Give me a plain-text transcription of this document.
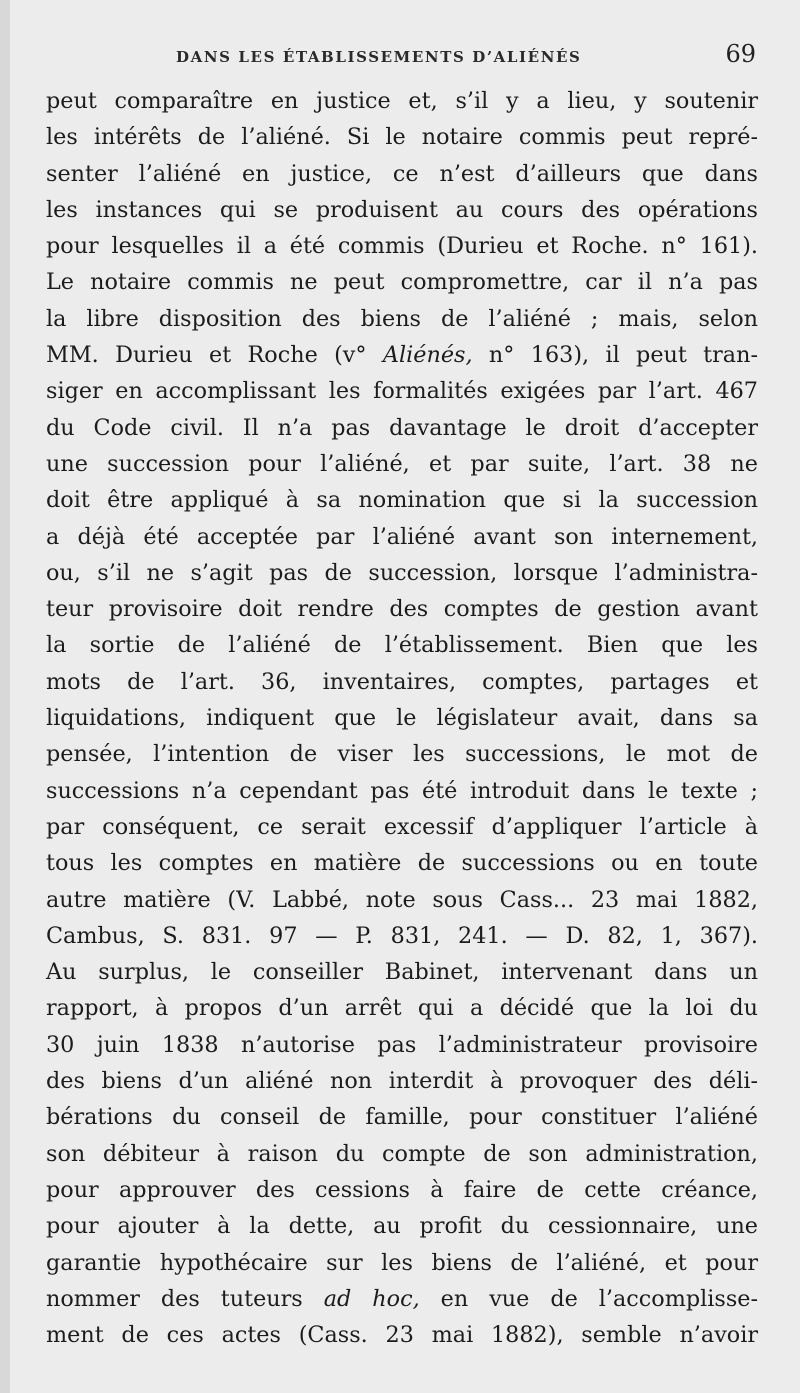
DANS LES ÉTABLISSEMENTS D’ALIÉNÉS	69
peut comparaître en justice et, s’il y a lieu, y soutenir
les intérêts de l’aliéné. Si le notaire commis peut repré-
senter l’aliéné en justice, ce n’est d’ailleurs que dans
les instances qui se produisent au cours des opérations
pour lesquelles il a été commis (Durieu et Roche. n° 161).
Le notaire commis ne peut compromettre, car il n’a pas
la libre disposition des biens de l’aliéné ; mais, selon
MM. Durieu et Roche (v° Aliénés, n° 163), il peut tran-
siger en accomplissant les formalités exigées par l’art. 467
du Code civil. Il n’a pas davantage le droit d’accepter
une succession pour l’aliéné, et par suite, l’art. 38 ne
doit être appliqué à sa nomination que si la succession
a déjà été acceptée par l’aliéné avant son internement,
ou, s’il ne s’agit pas de succession, lorsque l’administra-
teur provisoire doit rendre des comptes de gestion avant
la sortie de l’aliéné de l’établissement. Bien que les
mots de l’art. 36, inventaires, comptes, partages et
liquidations, indiquent que le législateur avait, dans sa
pensée, l’intention de viser les successions, le mot de
successions n’a cependant pas été introduit dans le texte ;
par conséquent, ce serait excessif d’appliquer l’article à
tous les comptes en matière de successions ou en toute
autre matière (V. Labbé, note sous Cass... 23 mai 1882,
Cambus, S. 831. 97 — P. 831, 241. — D. 82, 1, 367).
Au surplus, le conseiller Babinet, intervenant dans un
rapport, à propos d’un arrêt qui a décidé que la loi du
30 juin 1838 n’autorise pas l’administrateur provisoire
des biens d’un aliéné non interdit à provoquer des déli-
bérations du conseil de famille, pour constituer l’aliéné
son débiteur à raison du compte de son administration,
pour approuver des cessions à faire de cette créance,
pour ajouter à la dette, au profit du cessionnaire, une
garantie hypothécaire sur les biens de l’aliéné, et pour
nommer des tuteurs ad hoc, en vue de l’accomplisse-
ment de ces actes (Cass. 23 mai 1882), semble n’avoir
